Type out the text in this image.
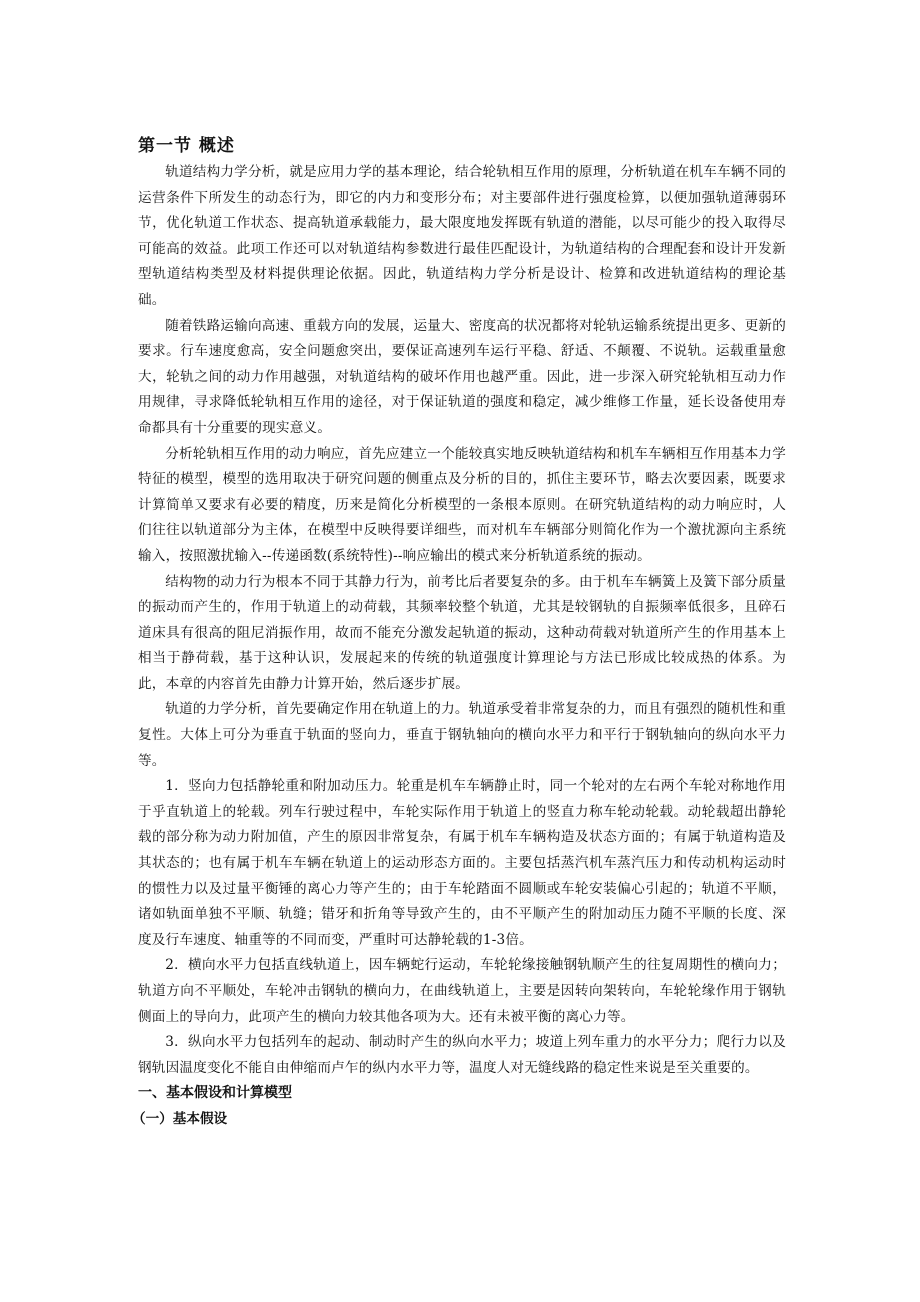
第一节 概述

轨道结构力学分析，就是应用力学的基本理论，结合轮轨相互作用的原理，分析轨道在机车车辆不同的运营条件下所发生的动态行为，即它的内力和变形分布；对主要部件进行强度检算，以便加强轨道薄弱环节，优化轨道工作状态、提高轨道承载能力，最大限度地发挥既有轨道的潜能，以尽可能少的投入取得尽可能高的效益。此项工作还可以对轨道结构参数进行最佳匹配设计，为轨道结构的合理配套和设计开发新型轨道结构类型及材料提供理论依据。因此，轨道结构力学分析是设计、检算和改进轨道结构的理论基础。

随着铁路运输向高速、重载方向的发展，运量大、密度高的状况都将对轮轨运输系统提出更多、更新的要求。行车速度愈高，安全问题愈突出，要保证高速列车运行平稳、舒适、不颠覆、不说轨。运载重量愈大，轮轨之间的动力作用越强，对轨道结构的破坏作用也越严重。因此，进一步深入研究轮轨相互动力作用规律，寻求降低轮轨相互作用的途径，对于保证轨道的强度和稳定，减少维修工作量，延长设备使用寿命都具有十分重要的现实意义。

分析轮轨相互作用的动力响应，首先应建立一个能较真实地反映轨道结构和机车车辆相互作用基本力学特征的模型，模型的选用取决于研究问题的侧重点及分析的目的，抓住主要环节，略去次要因素，既要求计算简单又要求有必要的精度，历来是简化分析模型的一条根本原则。在研究轨道结构的动力响应时，人们往往以轨道部分为主体，在模型中反映得要详细些，而对机车车辆部分则简化作为一个激扰源向主系统输入，按照激扰输入--传递函数(系统特性)--响应输出的模式来分析轨道系统的振动。

结构物的动力行为根本不同于其静力行为，前考比后者要复杂的多。由于机车车辆簧上及簧下部分质量的振动而产生的，作用于轨道上的动荷载，其频率较整个轨道，尤其是较钢轨的自振频率低很多，且碎石道床具有很高的阻尼消振作用，故而不能充分激发起轨道的振动，这种动荷载对轨道所产生的作用基本上相当于静荷载，基于这种认识，发展起来的传统的轨道强度计算理论与方法已形成比较成热的体系。为此，本章的内容首先由静力计算开始，然后逐步扩展。

轨道的力学分析，首先要确定作用在轨道上的力。轨道承受着非常复杂的力，而且有强烈的随机性和重复性。大体上可分为垂直于轨面的竖向力，垂直于钢轨轴向的横向水平力和平行于钢轨轴向的纵向水平力等。

1．竖向力包括静轮重和附加动压力。轮重是机车车辆静止时，同一个轮对的左右两个车轮对称地作用于乎直轨道上的轮载。列车行驶过程中，车轮实际作用于轨道上的竖直力称车轮动轮载。动轮载超出静轮载的部分称为动力附加值，产生的原因非常复杂，有属于机车车辆构造及状态方面的；有属于轨道构造及其状态的；也有属于机车车辆在轨道上的运动形态方面的。主要包括蒸汽机车蒸汽压力和传动机构运动时的惯性力以及过量平衡锤的离心力等产生的；由于车轮踏面不圆顺或车轮安装偏心引起的；轨道不平顺，诸如轨面单独不平顺、轨缝；错牙和折角等导致产生的，由不平顺产生的附加动压力随不平顺的长度、深度及行车速度、轴重等的不同而变，严重时可达静轮载的1-3倍。

2．横向水平力包括直线轨道上，因车辆蛇行运动，车轮轮缘接触钢轨顺产生的往复周期性的横向力；轨道方向不平顺处，车轮冲击钢轨的横向力，在曲线轨道上，主要是因转向架转向，车轮轮缘作用于钢轨侧面上的导向力，此项产生的横向力较其他各项为大。还有未被平衡的离心力等。

3．纵向水平力包括列车的起动、制动时产生的纵向水平力；坡道上列车重力的水平分力；爬行力以及钢轨因温度变化不能自由伸缩而卢乍的纵内水平力等，温度人对无缝线路的稳定性来说是至关重要的。

一、基本假设和计算模型
（一）基本假设
